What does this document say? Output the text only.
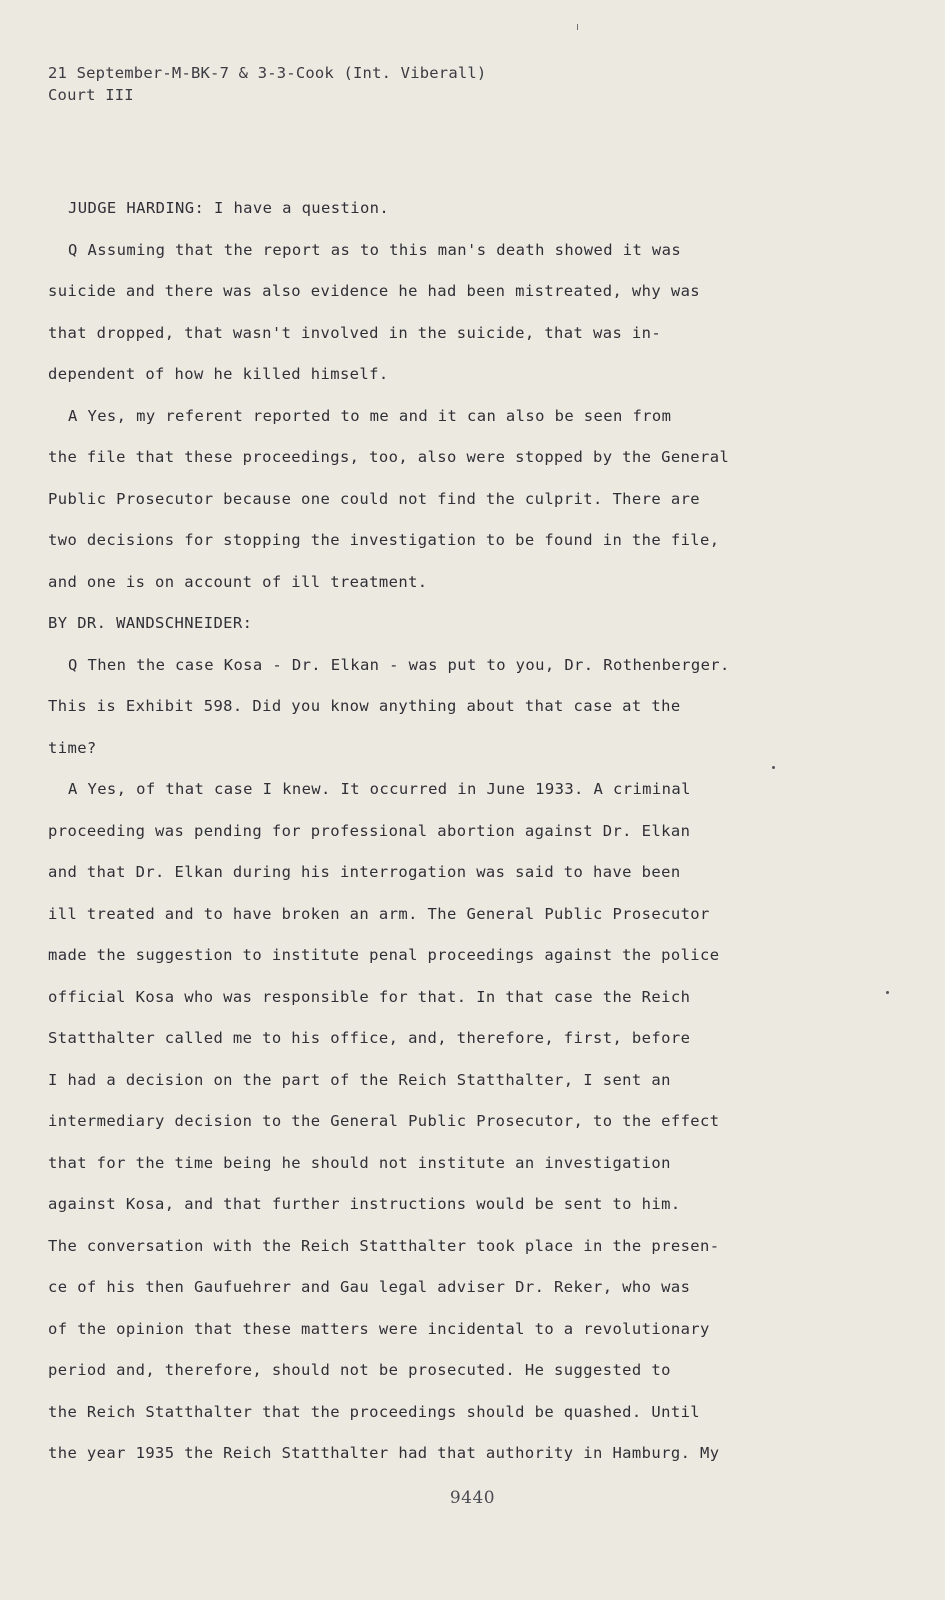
21 September-M-BK-7 & 3-3-Cook (Int. Viberall)
Court III
JUDGE HARDING: I have a question.
Q Assuming that the report as to this man's death showed it was
suicide and there was also evidence he had been mistreated, why was
that dropped, that wasn't involved in the suicide, that was in-
dependent of how he killed himself.
A Yes, my referent reported to me and it can also be seen from
the file that these proceedings, too, also were stopped by the General
Public Prosecutor because one could not find the culprit. There are
two decisions for stopping the investigation to be found in the file,
and one is on account of ill treatment.
BY DR. WANDSCHNEIDER:
Q Then the case Kosa - Dr. Elkan - was put to you, Dr. Rothenberger.
This is Exhibit 598. Did you know anything about that case at the
time?
A Yes, of that case I knew. It occurred in June 1933. A criminal
proceeding was pending for professional abortion against Dr. Elkan
and that Dr. Elkan during his interrogation was said to have been
ill treated and to have broken an arm. The General Public Prosecutor
made the suggestion to institute penal proceedings against the police
official Kosa who was responsible for that. In that case the Reich
Statthalter called me to his office, and, therefore, first, before
I had a decision on the part of the Reich Statthalter, I sent an
intermediary decision to the General Public Prosecutor, to the effect
that for the time being he should not institute an investigation
against Kosa, and that further instructions would be sent to him.
The conversation with the Reich Statthalter took place in the presen-
ce of his then Gaufuehrer and Gau legal adviser Dr. Reker, who was
of the opinion that these matters were incidental to a revolutionary
period and, therefore, should not be prosecuted. He suggested to
the Reich Statthalter that the proceedings should be quashed. Until
the year 1935 the Reich Statthalter had that authority in Hamburg. My
9440
